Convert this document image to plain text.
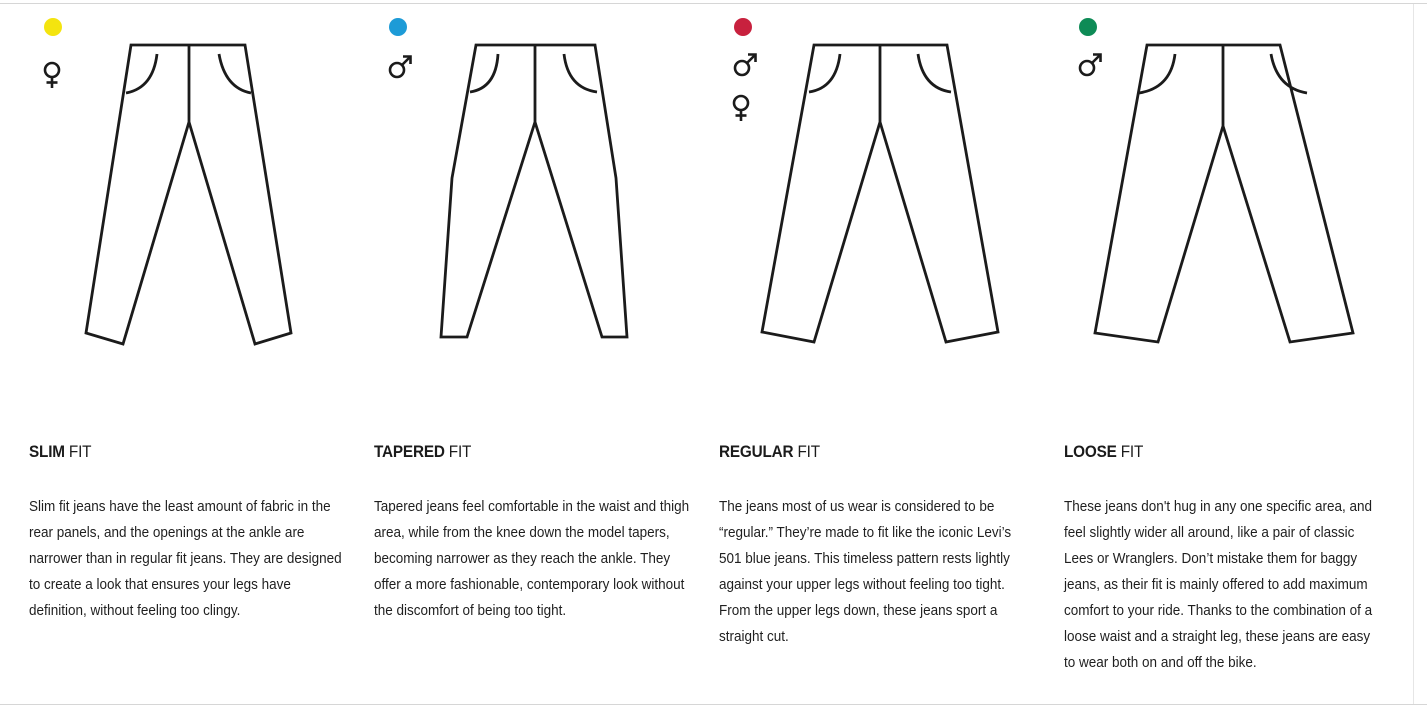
SLIM FIT

Slim fit jeans have the least amount of fabric in the rear panels, and the openings at the ankle are narrower than in regular fit jeans. They are designed to create a look that ensures your legs have definition, without feeling too clingy.

TAPERED FIT

Tapered jeans feel comfortable in the waist and thigh area, while from the knee down the model tapers, becoming narrower as they reach the ankle. They offer a more fashionable, contemporary look without the discomfort of being too tight.

REGULAR FIT

The jeans most of us wear is considered to be “regular.” They’re made to fit like the iconic Levi’s 501 blue jeans. This timeless pattern rests lightly against your upper legs without feeling too tight. From the upper legs down, these jeans sport a straight cut.

LOOSE FIT

These jeans don't hug in any one specific area, and feel slightly wider all around, like a pair of classic Lees or Wranglers. Don’t mistake them for baggy jeans, as their fit is mainly offered to add maximum comfort to your ride. Thanks to the combination of a loose waist and a straight leg, these jeans are easy to wear both on and off the bike.
